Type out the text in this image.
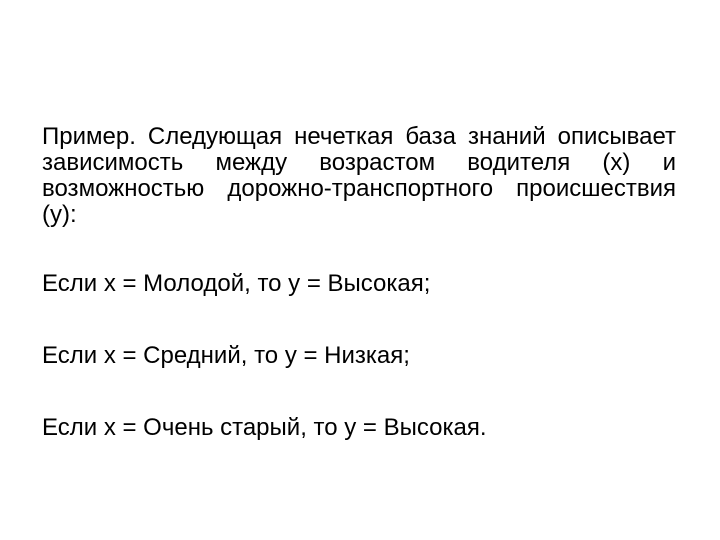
Пример. Следующая нечеткая база знаний описывает зависимость между возрастом водителя (x) и возможностью дорожно-транспортного происшествия (y):

Если x = Молодой, то y = Высокая;

Если x = Средний, то y = Низкая;

Если x = Очень старый, то y = Высокая.
